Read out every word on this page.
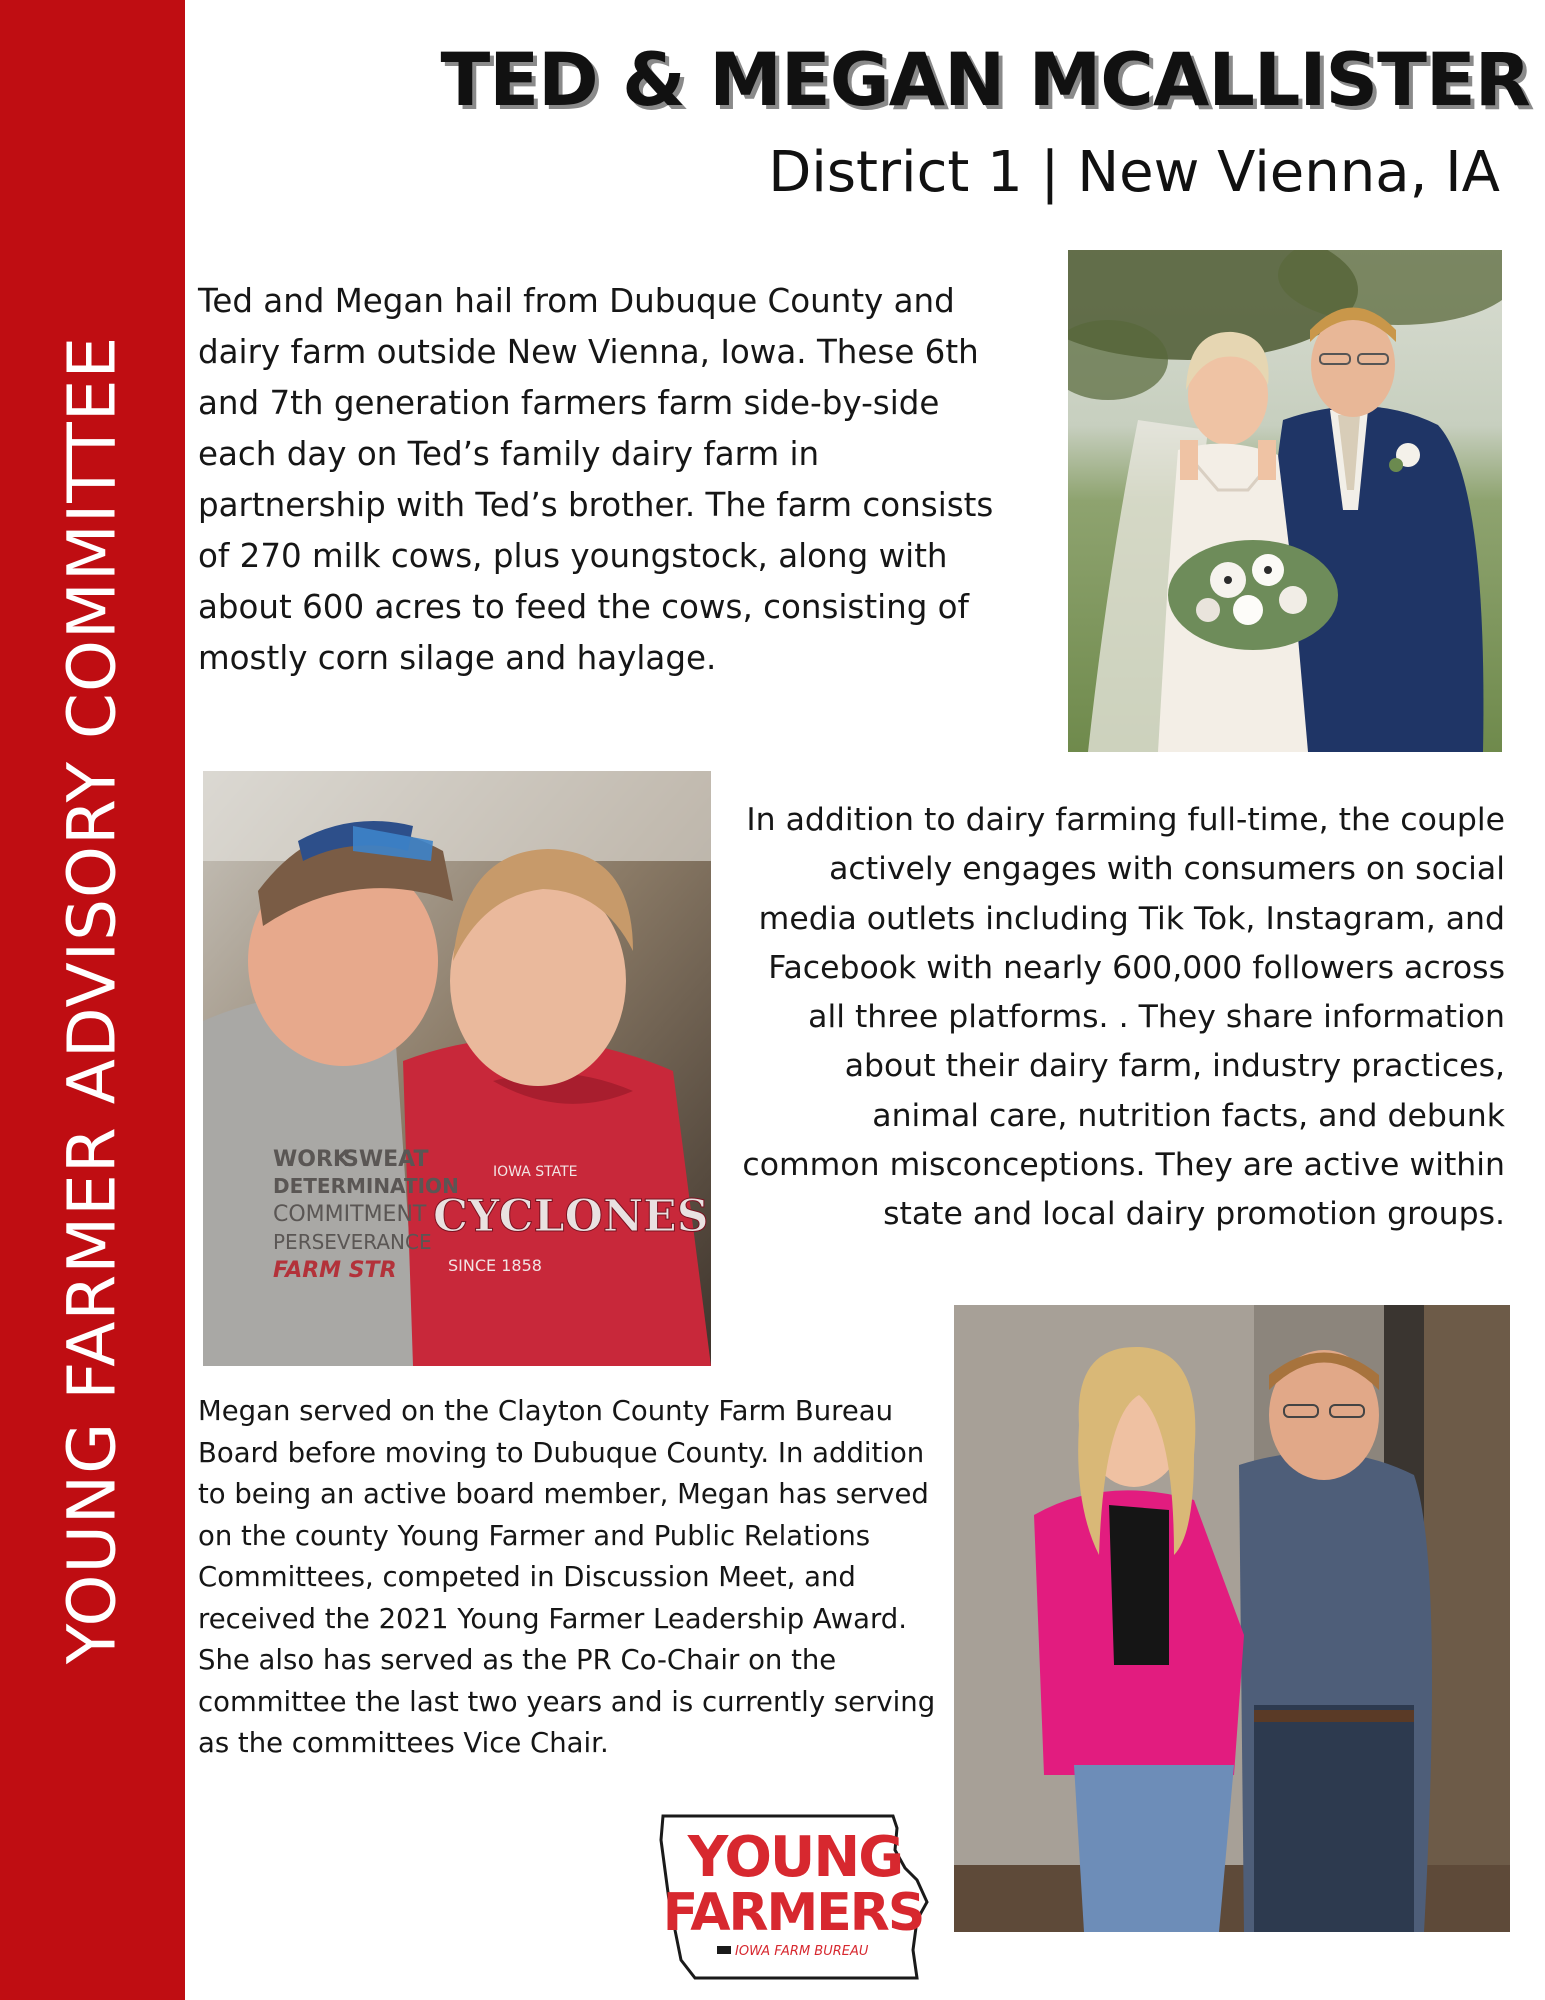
YOUNG FARMER ADVISORY COMMITTEE
TED & MEGAN MCALLISTER
District 1 | New Vienna, IA

Ted and Megan hail from Dubuque County and dairy farm outside New Vienna, Iowa. These 6th and 7th generation farmers farm side-by-side each day on Ted’s family dairy farm in partnership with Ted’s brother. The farm consists of 270 milk cows, plus youngstock, along with about 600 acres to feed the cows, consisting of mostly corn silage and haylage.

In addition to dairy farming full-time, the couple actively engages with consumers on social media outlets including Tik Tok, Instagram, and Facebook with nearly 600,000 followers across all three platforms. . They share information about their dairy farm, industry practices, animal care, nutrition facts, and debunk common misconceptions. They are active within state and local dairy promotion groups.

Megan served on the Clayton County Farm Bureau Board before moving to Dubuque County. In addition to being an active board member, Megan has served on the county Young Farmer and Public Relations Committees, competed in Discussion Meet, and received the 2021 Young Farmer Leadership Award. She also has served as the PR Co-Chair on the committee the last two years and is currently serving as the committees Vice Chair.

WORK
SWEAT
DETERMINATION
COMMITMENT
PERSEVERANCE
FARM STR
IOWA STATE
CYCLONES
SINCE 1858
YOUNG
FARMERS
IOWA FARM BUREAU
